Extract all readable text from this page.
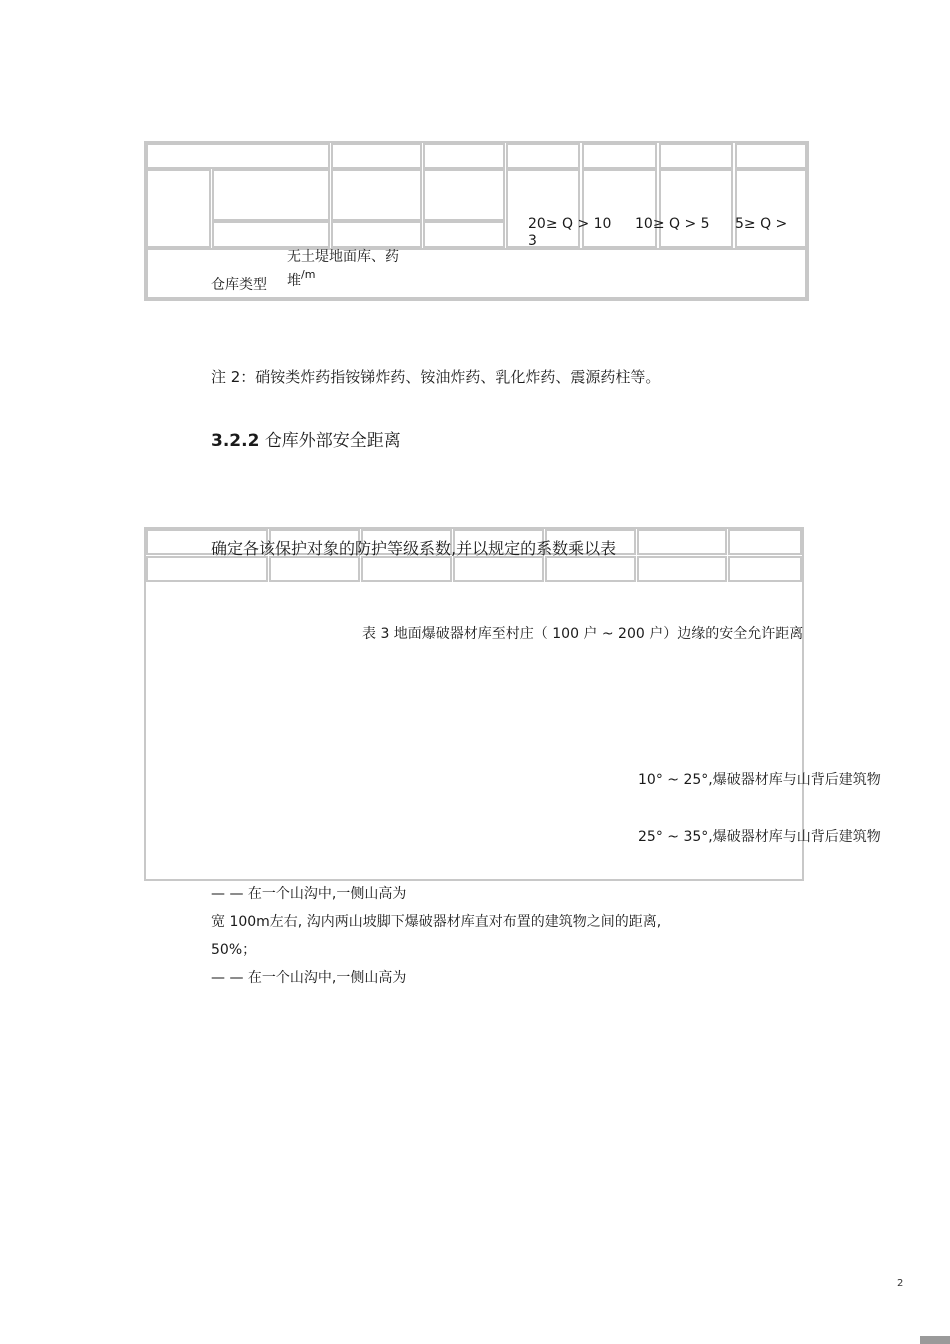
20≥ Q > 10
3
10≥ Q > 5 5≥ Q >
无土堤地面库、药
堆$^{/m}$
仓库类型
注 2：硝铵类炸药指铵锑炸药、铵油炸药、乳化炸药、震源药柱等。
3.2.2 仓库外部安全距离
确定各该保护对象的防护等级系数,并以规定的系数乘以表
表 3 地面爆破器材库至村庄（ 100 户 ~ 200 户）边缘的安全允许距离
10° ~ 25°,爆破器材库与山背后建筑物
25° ~ 35°,爆破器材库与山背后建筑物
— — 在一个山沟中,一侧山高为
宽 100m左右, 沟内两山坡脚下爆破器材库直对布置的建筑物之间的距离,
50%；
— — 在一个山沟中,一侧山高为
2
